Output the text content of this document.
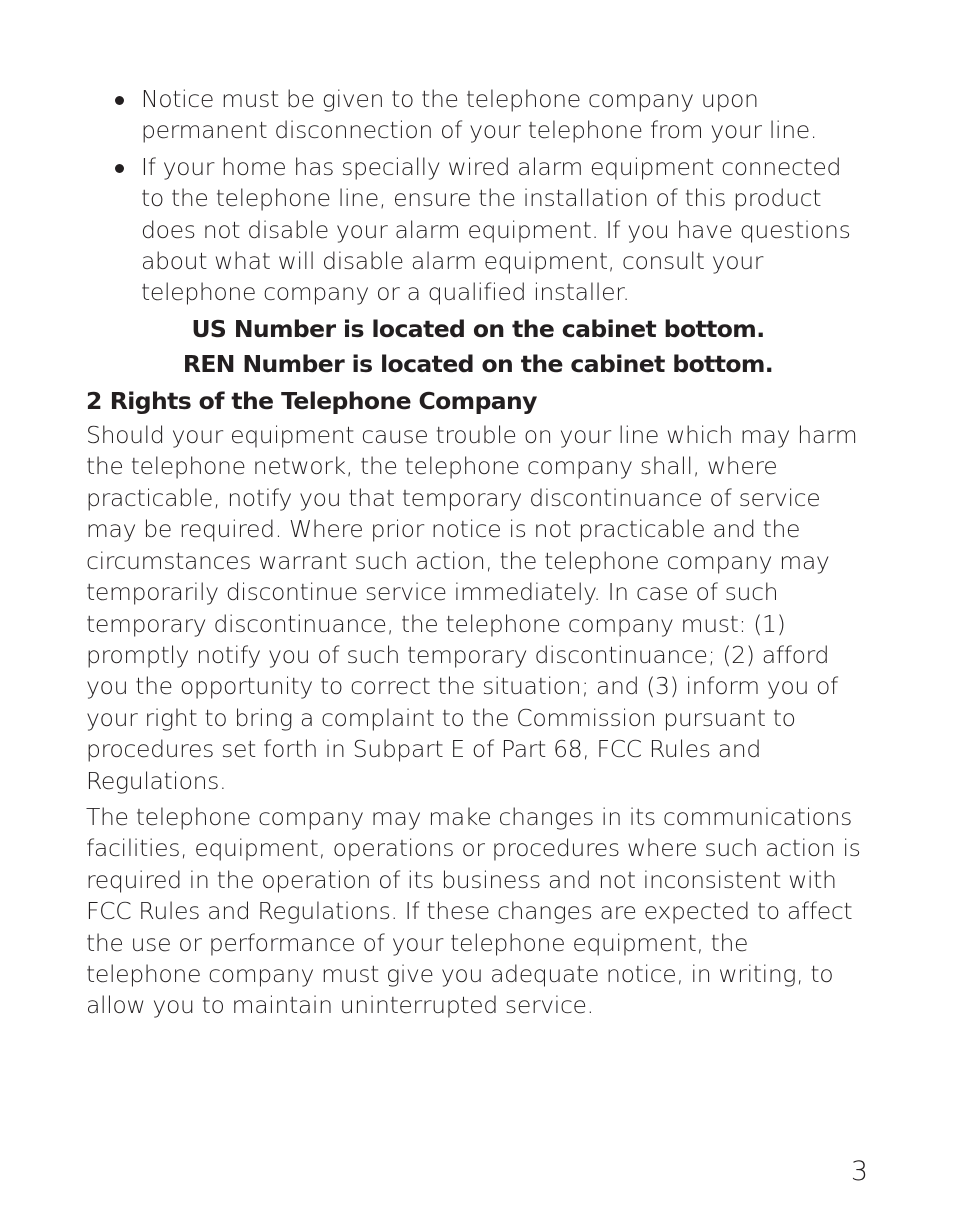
Notice must be given to the telephone company upon permanent disconnection of your telephone from your line.
If your home has specially wired alarm equipment connected to the telephone line, ensure the installation of this product does not disable your alarm equipment. If you have questions about what will disable alarm equipment, consult your telephone company or a qualified installer.
US Number is located on the cabinet bottom.
REN Number is located on the cabinet bottom.
2 Rights of the Telephone Company

Should your equipment cause trouble on your line which may harm the telephone network, the telephone company shall, where practicable, notify you that temporary discontinuance of service may be required. Where prior notice is not practicable and the circumstances warrant such action, the telephone company may temporarily discontinue service immediately. In case of such temporary discontinuance, the telephone company must: (1) promptly notify you of such temporary discontinuance; (2) afford you the opportunity to correct the situation; and (3) inform you of your right to bring a complaint to the Commission pursuant to procedures set forth in Subpart E of Part 68, FCC Rules and Regulations.

The telephone company may make changes in its communications facilities, equipment, operations or procedures where such action is required in the operation of its business and not inconsistent with FCC Rules and Regulations. If these changes are expected to affect the use or performance of your telephone equipment, the telephone company must give you adequate notice, in writing, to allow you to maintain uninterrupted service.

3
